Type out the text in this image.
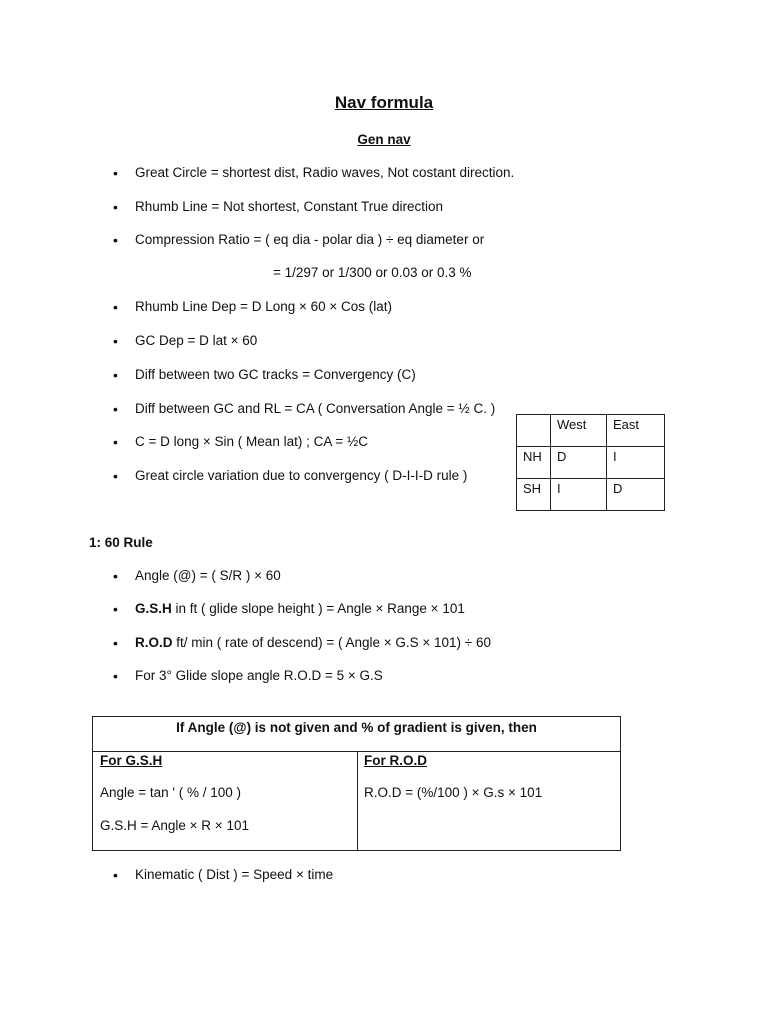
Nav formula
Gen nav
• Great Circle = shortest dist, Radio waves, Not costant direction.
• Rhumb Line = Not shortest, Constant True direction
• Compression Ratio = ( eq dia - polar dia ) ÷ eq diameter or
= 1/297 or 1/300 or 0.03 or 0.3 %
• Rhumb Line Dep = D Long × 60 × Cos (lat)
• GC Dep = D lat × 60
• Diff between two GC tracks = Convergency (C)
• Diff between GC and RL = CA ( Conversation Angle = ½ C. )
• C = D long × Sin ( Mean lat) ; CA = ½C
• Great circle variation due to convergency ( D-I-I-D rule )
	West	East
NH	D	I
SH	I	D
1: 60 Rule
• Angle (@) = ( S/R ) × 60
• G.S.H in ft ( glide slope height ) = Angle × Range × 101
• R.O.D ft/ min ( rate of descend) = ( Angle × G.S × 101) ÷ 60
• For 3° Glide slope angle R.O.D = 5 × G.S
If Angle (@) is not given and % of gradient is given, then
For G.S.H
Angle = tan ' ( % / 100 )
G.S.H = Angle × R × 101
For R.O.D
R.O.D = (%/100 ) × G.s × 101
• Kinematic ( Dist ) = Speed × time
